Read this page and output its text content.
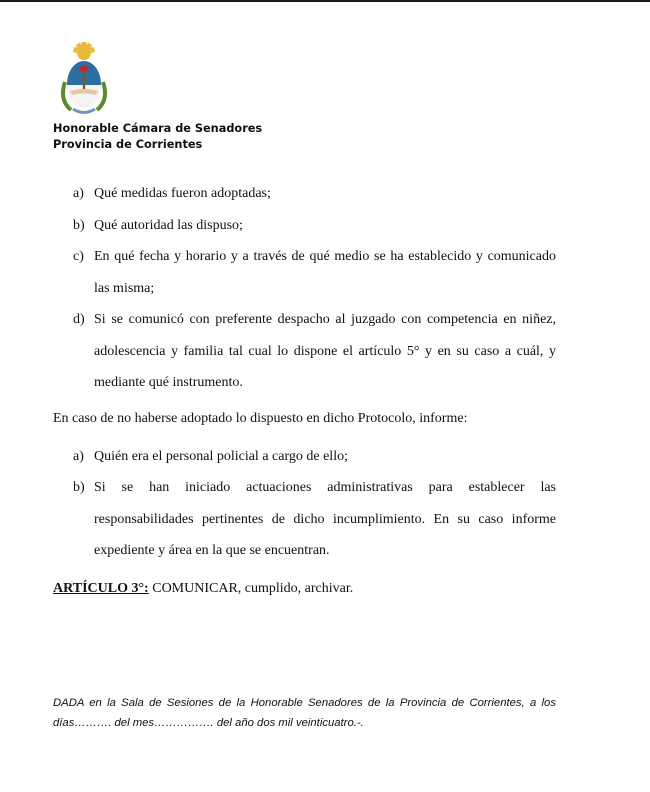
Honorable Cámara de Senadores
Provincia de Corrientes
a) Qué medidas fueron adoptadas;
b) Qué autoridad las dispuso;
c) En qué fecha y horario y a través de qué medio se ha establecido y comunicado las misma;
d) Si se comunicó con preferente despacho al juzgado con competencia en niñez, adolescencia y familia tal cual lo dispone el artículo 5° y en su caso a cuál, y mediante qué instrumento.
En caso de no haberse adoptado lo dispuesto en dicho Protocolo, informe:
a) Quién era el personal policial a cargo de ello;
b) Si se han iniciado actuaciones administrativas para establecer las responsabilidades pertinentes de dicho incumplimiento. En su caso informe expediente y área en la que se encuentran.
ARTÍCULO 3°: COMUNICAR, cumplido, archivar.
DADA en la Sala de Sesiones de la Honorable Senadores de la Provincia de Corrientes, a los días………. del mes……………. del año dos mil veinticuatro.-.
